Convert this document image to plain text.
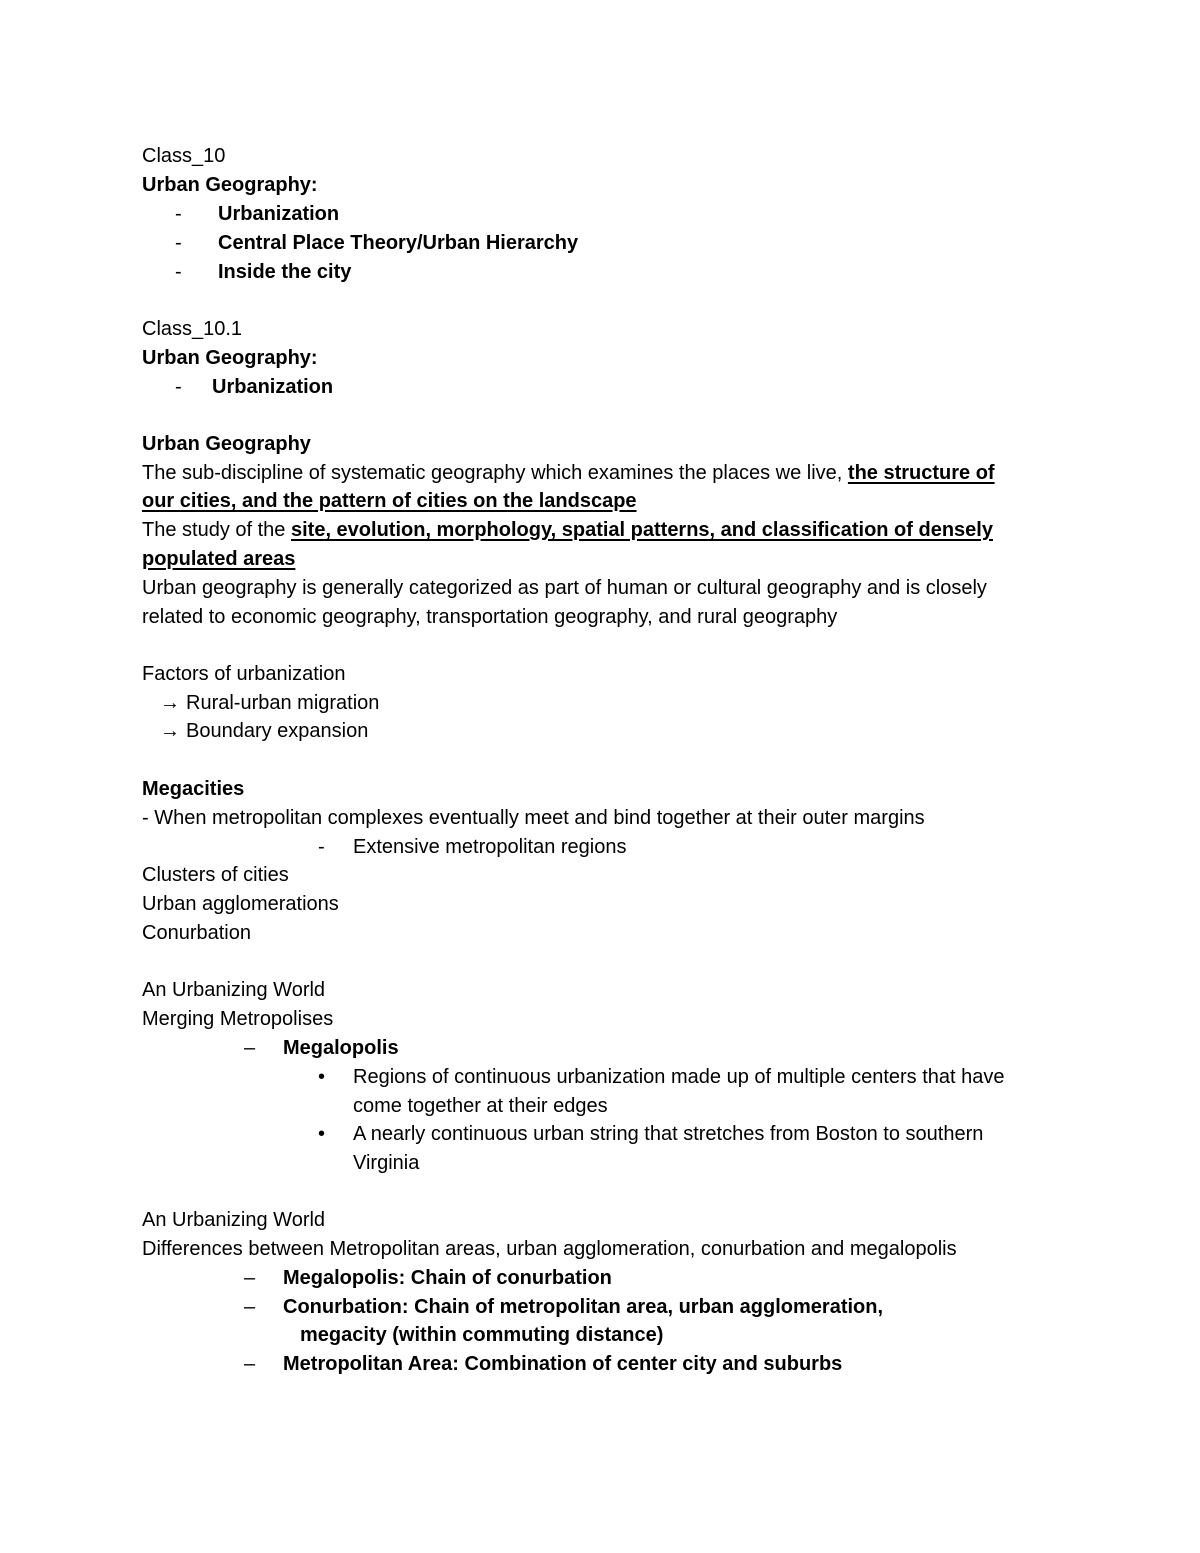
Class_10
Urban Geography:
- Urbanization
- Central Place Theory/Urban Hierarchy
- Inside the city
Class_10.1
Urban Geography:
- Urbanization
Urban Geography
The sub-discipline of systematic geography which examines the places we live, the structure of
our cities, and the pattern of cities on the landscape
The study of the site, evolution, morphology, spatial patterns, and classification of densely
populated areas
Urban geography is generally categorized as part of human or cultural geography and is closely
related to economic geography, transportation geography, and rural geography
Factors of urbanization
→ Rural-urban migration
→ Boundary expansion
Megacities
- When metropolitan complexes eventually meet and bind together at their outer margins
- Extensive metropolitan regions
Clusters of cities
Urban agglomerations
Conurbation
An Urbanizing World
Merging Metropolises
– Megalopolis
• Regions of continuous urbanization made up of multiple centers that have
come together at their edges
• A nearly continuous urban string that stretches from Boston to southern
Virginia
An Urbanizing World
Differences between Metropolitan areas, urban agglomeration, conurbation and megalopolis
– Megalopolis: Chain of conurbation
– Conurbation: Chain of metropolitan area, urban agglomeration,
megacity (within commuting distance)
– Metropolitan Area: Combination of center city and suburbs
